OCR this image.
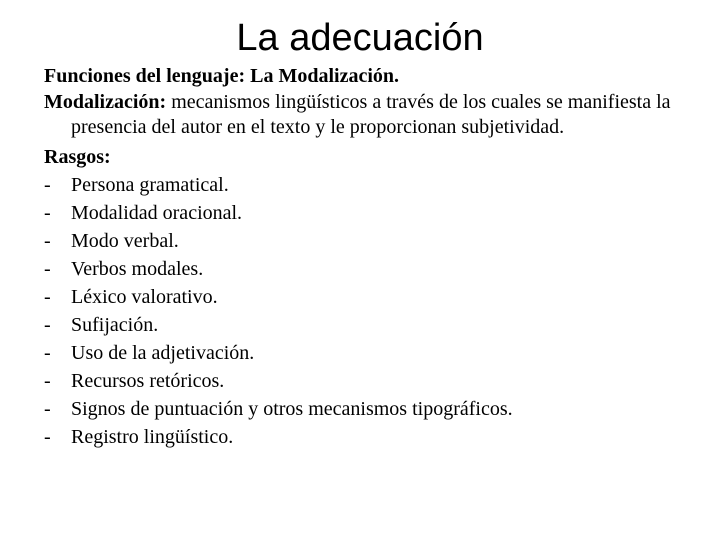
La adecuación

Funciones del lenguaje: La Modalización.

Modalización: mecanismos lingüísticos a través de los cuales se manifiesta la presencia del autor en el texto y le proporcionan subjetividad.

Rasgos:

- Persona gramatical.
- Modalidad oracional.
- Modo verbal.
- Verbos modales.
- Léxico valorativo.
- Sufijación.
- Uso de la adjetivación.
- Recursos retóricos.
- Signos de puntuación y otros mecanismos tipográficos.
- Registro lingüístico.
